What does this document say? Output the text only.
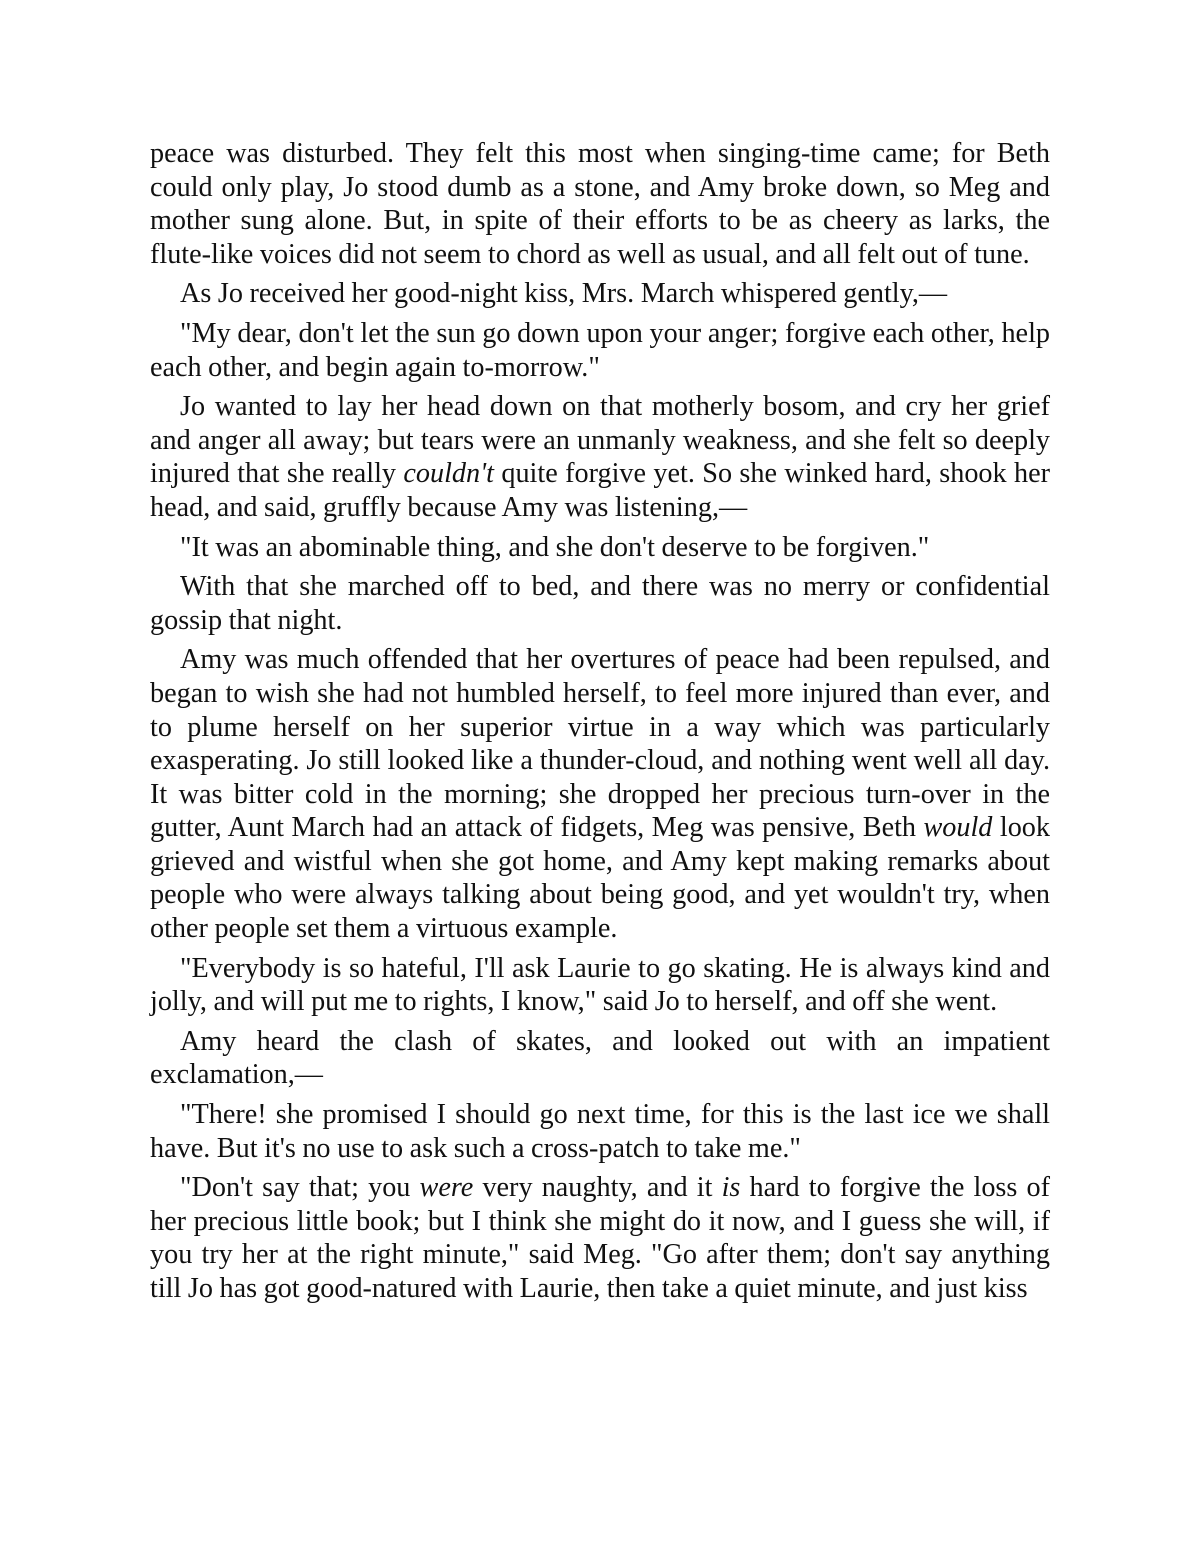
peace was disturbed. They felt this most when singing-time came; for Beth could only play, Jo stood dumb as a stone, and Amy broke down, so Meg and mother sung alone. But, in spite of their efforts to be as cheery as larks, the flute-like voices did not seem to chord as well as usual, and all felt out of tune.

As Jo received her good-night kiss, Mrs. March whispered gently,—

"My dear, don't let the sun go down upon your anger; forgive each other, help each other, and begin again to-morrow."

Jo wanted to lay her head down on that motherly bosom, and cry her grief and anger all away; but tears were an unmanly weakness, and she felt so deeply injured that she really couldn't quite forgive yet. So she winked hard, shook her head, and said, gruffly because Amy was listening,—

"It was an abominable thing, and she don't deserve to be forgiven."

With that she marched off to bed, and there was no merry or confidential gossip that night.

Amy was much offended that her overtures of peace had been repulsed, and began to wish she had not humbled herself, to feel more injured than ever, and to plume herself on her superior virtue in a way which was particularly exasperating. Jo still looked like a thunder-cloud, and nothing went well all day. It was bitter cold in the morning; she dropped her precious turn-over in the gutter, Aunt March had an attack of fidgets, Meg was pensive, Beth would look grieved and wistful when she got home, and Amy kept making remarks about people who were always talking about being good, and yet wouldn't try, when other people set them a virtuous example.

"Everybody is so hateful, I'll ask Laurie to go skating. He is always kind and jolly, and will put me to rights, I know," said Jo to herself, and off she went.

Amy heard the clash of skates, and looked out with an impatient exclamation,—

"There! she promised I should go next time, for this is the last ice we shall have. But it's no use to ask such a cross-patch to take me."

"Don't say that; you were very naughty, and it is hard to forgive the loss of her precious little book; but I think she might do it now, and I guess she will, if you try her at the right minute," said Meg. "Go after them; don't say anything till Jo has got good-natured with Laurie, then take a quiet minute, and just kiss
